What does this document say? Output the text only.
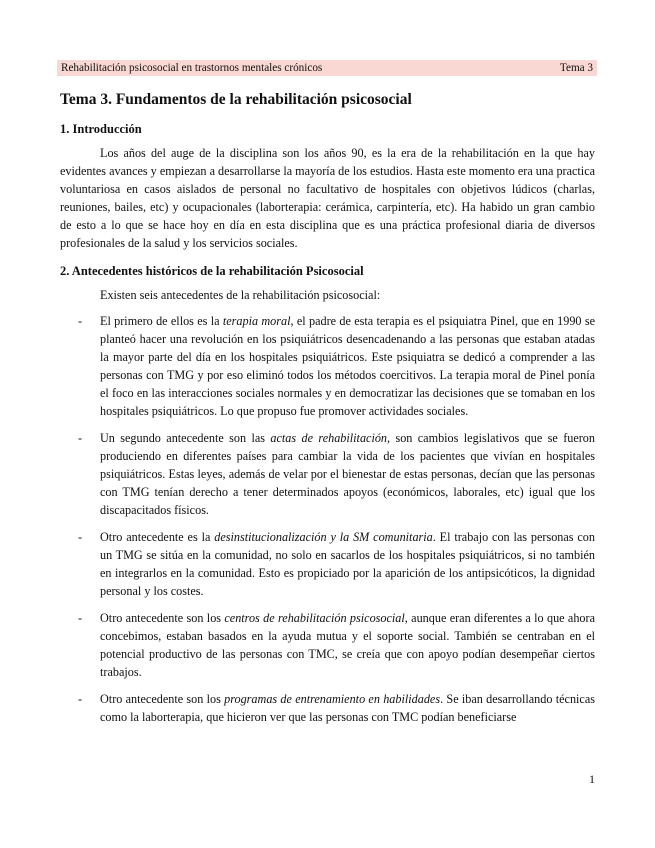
Rehabilitación psicosocial en trastornos mentales crónicos	Tema 3
Tema 3. Fundamentos de la rehabilitación psicosocial
1. Introducción

Los años del auge de la disciplina son los años 90, es la era de la rehabilitación en la que hay evidentes avances y empiezan a desarrollarse la mayoría de los estudios. Hasta este momento era una practica voluntariosa en casos aislados de personal no facultativo de hospitales con objetivos lúdicos (charlas, reuniones, bailes, etc) y ocupacionales (laborterapia: cerámica, carpintería, etc). Ha habido un gran cambio de esto a lo que se hace hoy en día en esta disciplina que es una práctica profesional diaria de diversos profesionales de la salud y los servicios sociales.

2. Antecedentes históricos de la rehabilitación Psicosocial

Existen seis antecedentes de la rehabilitación psicosocial:

- El primero de ellos es la terapia moral, el padre de esta terapia es el psiquiatra Pinel, que en 1990 se planteó hacer una revolución en los psiquiátricos desencadenando a las personas que estaban atadas la mayor parte del día en los hospitales psiquiátricos. Este psiquiatra se dedicó a comprender a las personas con TMG y por eso eliminó todos los métodos coercitivos. La terapia moral de Pinel ponía el foco en las interacciones sociales normales y en democratizar las decisiones que se tomaban en los hospitales psiquiátricos. Lo que propuso fue promover actividades sociales.

- Un segundo antecedente son las actas de rehabilitación, son cambios legislativos que se fueron produciendo en diferentes países para cambiar la vida de los pacientes que vivían en hospitales psiquiátricos. Estas leyes, además de velar por el bienestar de estas personas, decían que las personas con TMG tenían derecho a tener determinados apoyos (económicos, laborales, etc) igual que los discapacitados físicos.

- Otro antecedente es la desinstitucionalización y la SM comunitaria. El trabajo con las personas con un TMG se sitúa en la comunidad, no solo en sacarlos de los hospitales psiquiátricos, si no también en integrarlos en la comunidad. Esto es propiciado por la aparición de los antipsicóticos, la dignidad personal y los costes.

- Otro antecedente son los centros de rehabilitación psicosocial, aunque eran diferentes a lo que ahora concebimos, estaban basados en la ayuda mutua y el soporte social. También se centraban en el potencial productivo de las personas con TMC, se creía que con apoyo podían desempeñar ciertos trabajos.

- Otro antecedente son los programas de entrenamiento en habilidades. Se iban desarrollando técnicas como la laborterapia, que hicieron ver que las personas con TMC podían beneficiarse

1
